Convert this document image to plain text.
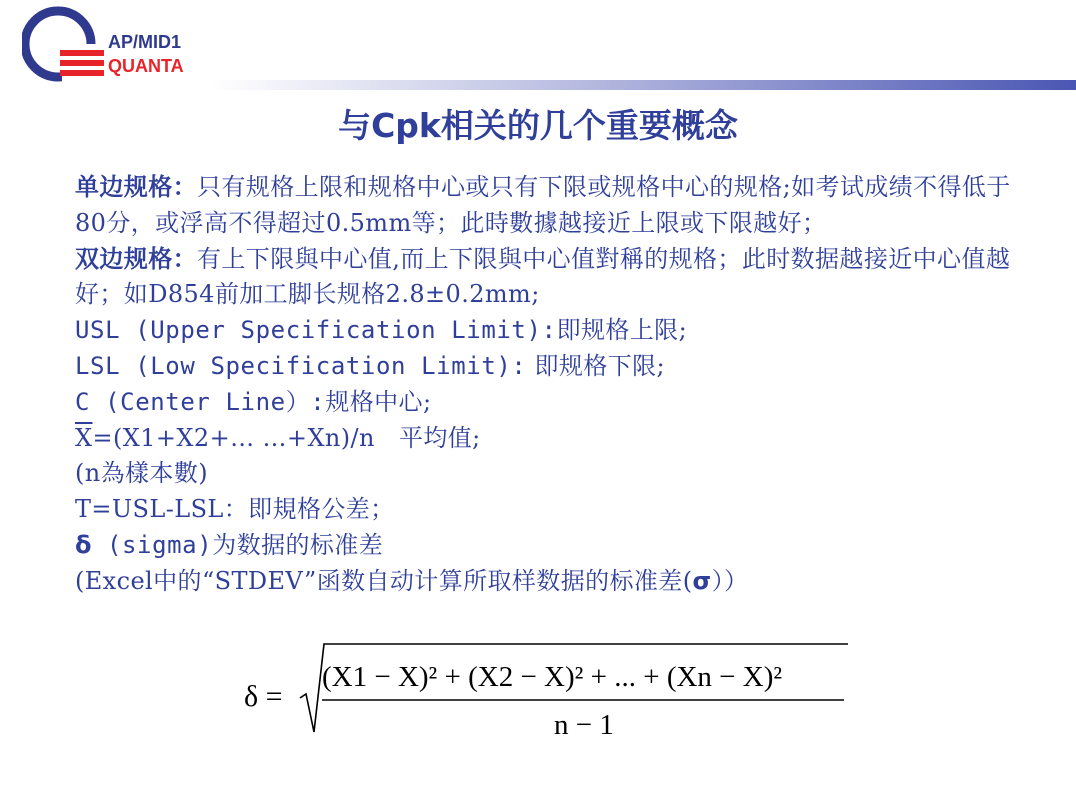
AP/MID1
QUANTA
与Cpk相关的几个重要概念

单边规格：只有规格上限和规格中心或只有下限或规格中心的规格;如考试成绩不得低于80分，或浮高不得超过0.5mm等；此時數據越接近上限或下限越好；

双边规格：有上下限與中心值,而上下限與中心值對稱的规格；此时数据越接近中心值越好；如D854前加工脚长规格2.8±0.2mm;

USL (Upper Specification Limit):即规格上限;

LSL (Low Specification Limit): 即规格下限;

C (Center Line）:规格中心;

$\overline{X}=(X1+X2+\dots$ …+Xn)/n 平均值;

(n為樣本數)

T=USL-LSL：即規格公差；

δ (sigma)为数据的标准差

(Excel中的“STDEV”函数自动计算所取样数据的标准差(σ））

δ =
(X1 − X)² + (X2 − X)² + ... + (Xn − X)²
n − 1
